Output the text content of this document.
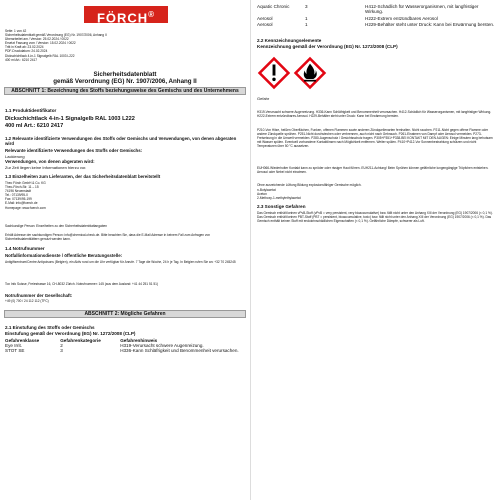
FÖRCH®
Seite: 1 von 42
Sicherheitsdatenblatt gemäß Verordnung (EG) Nr. 1907/2006, Anhang II
Überarbeitet am / Version: 25.02.2024 / 0022
Ersetzt Fassung vom / Version: 15.02.2024 / 0022
Tritt in Kraft ab: 23.02.2024
PDF-Druckdatum: 24.02.2024
Dickschichtlack 4-in-1 Signalgelb RAL 1003 L222
400 ml Art.: 6210 2417
Sicherheitsdatenblatt
gemäß Verordnung (EG) Nr. 1907/2006, Anhang II
ABSCHNITT 1: Bezeichnung des Stoffs beziehungsweise des Gemischs und des Unternehmens
1.1 Produktidentifikator
Dickschichtlack 4-in-1 Signalgelb RAL 1003 L222
400 ml Art.: 6210 2417
1.2 Relevante identifizierte Verwendungen des Stoffs oder Gemischs und Verwendungen, von denen abgeraten wird
Relevante identifizierte Verwendungen des Stoffs oder Gemischs:
Lackierung
Verwendungen, von denen abgeraten wird:
Zur Zeit liegen keine Informationen hierzu vor.
1.3 Einzelheiten zum Lieferanten, der das Sicherheitsdatenblatt bereitstellt
Theo Förch GmbH & Co. KG
Theo-Förch-Str. 11 – 15
74196 Neuenstadt
Tel.: 07139/95-0
Fax: 07139/95-199
E-Mail: info@foerch.de
Homepage: www.foerch.com
Sachkundige Person: Einzelheiten zu den Sicherheitsdatenblattangaben
Erhält Adresse der sachkundigen Person: info@chemical-check.de. Bitte beachten Sie, dass die E-Mail Adresse in keinem Fall zum Anfragen von Sicherheitsdatenblättern genutzt werden kann.
1.4 Notrufnummer
Notfallinformationsdienste / öffentliche Beratungsstelle:
Antigiftzentrum/Centre Antipoisons (Belgien), ein Aktiv rund um die Uhr verfügbar für Anrufe. 7 Tage die Woche, 24 h je Tag. In Belgien rufen Sie an: +32 70 245245
Tox Info Suisse, Freiestrasse 16, CH-8032 Zürich. Notrufnummer: 145 (aus dem Ausland: +41 44 251 51 51)
Notrufnummer der Gesellschaft:
+49 (0) 700 / 24 112 112 (TFC)
ABSCHNITT 2: Mögliche Gefahren
2.1 Einstufung des Stoffs oder Gemischs
Einstufung gemäß der Verordnung (EG) Nr. 1272/2008 (CLP)
Gefahrenklasse	Gefahrenkategorie	Gefahrenhinweis
Eye Irrit.	2	H319-Verursacht schwere Augenreizung.
STOT SE	3	H336-Kann Schläfrigkeit und Benommenheit verursachen.
Aquatic Chronic	3	H412-Schädlich für Wasserorganismen, mit langfristiger Wirkung.
Aerosol	1	H222-Extrem entzündbares Aerosol
Aerosol	1	H229-Behälter steht unter Druck: Kann bei Erwärmung bersten.
2.2 Kennzeichnungselemente
Kennzeichnung gemäß der Verordnung (EG) Nr. 1272/2008 (CLP)
Gefahr
H319-Verursacht schwere Augenreizung. H336-Kann Schläfrigkeit und Benommenheit verursachen. H412-Schädlich für Wasserorganismen, mit langfristiger Wirkung. H222-Extrem entzündbares Aerosol. H229-Behälter steht unter Druck: Kann bei Erwärmung bersten.
P210-Von Hitze, heißen Oberflächen, Funken, offenen Flammen sowie anderen Zündquellenarten fernhalten. Nicht rauchen. P211-Nicht gegen offene Flamme oder andere Zündquelle sprühen. P251-Nicht durchstechen oder verbrennen, auch nicht nach Gebrauch. P261-Einatmen von Dampf oder Aerosol vermeiden. P273-Freisetzung in die Umwelt vermeiden. P280-Augenschutz / Gesichtsschutz tragen. P305+P351+P338-BEI KONTAKT MIT DEN AUGEN: Einige Minuten lang behutsam mit Wasser spülen. Eventuell vorhandene Kontaktlinsen nach Möglichkeit entfernen. Weiter spülen. P410+P412-Vor Sonnenbestrahlung schützen und nicht Temperaturen über 50 °C aussetzen.
EUH066-Wiederholter Kontakt kann zu spröder oder rissiger Haut führen. EUH211-Achtung! Beim Sprühen können gefährliche lungengängige Tröpfchen entstehen. Aerosol oder Nebel nicht einatmen.
Ohne ausreichende Lüftung Bildung explosionsfähiger Gemische möglich.
n-Butylacetat
Aceton
2-Methoxy-1-methylethylacetat
2.3 Sonstige Gefahren
Das Gemisch enthält keinen vPvB-Stoff (vPvB = very persistent, very bioaccumulative) bzw. fällt nicht unter den Anhang XIII der Verordnung (EG) 1907/2006 (< 0,1 %). Das Gemisch enthält keinen PBT-Stoff (PBT = persistent, bioaccumulative, toxic) bzw. fällt nicht unter den Anhang XIII der Verordnung (EG) 1907/2006 (< 0,1 %). Das Gemisch enthält keinen Stoff mit endokrinschädlichen Eigenschaften (< 0,1 %). Gefährliche Dämpfe, schwerer als Luft.
